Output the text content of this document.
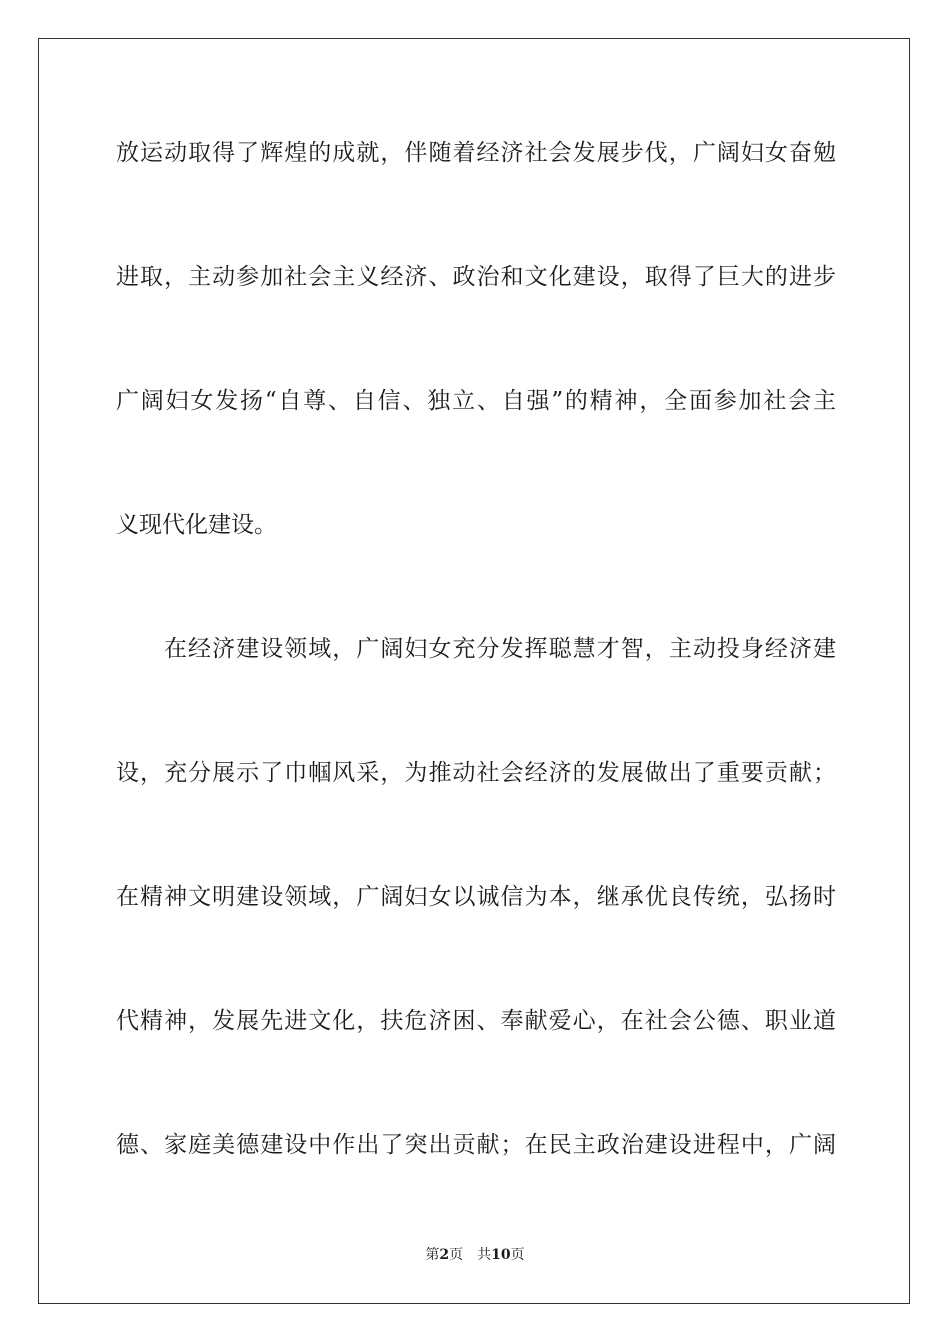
放运动取得了辉煌的成就，伴随着经济社会发展步伐，广阔妇女奋勉
进取，主动参加社会主义经济、政治和文化建设，取得了巨大的进步
广阔妇女发扬“自尊、自信、独立、自强”的精神，全面参加社会主
义现代化建设。
在经济建设领域，广阔妇女充分发挥聪慧才智，主动投身经济建
设，充分展示了巾帼风采，为推动社会经济的发展做出了重要贡献；
在精神文明建设领域，广阔妇女以诚信为本，继承优良传统，弘扬时
代精神，发展先进文化，扶危济困、奉献爱心，在社会公德、职业道
德、家庭美德建设中作出了突出贡献；在民主政治建设进程中，广阔
第2页 共10页
